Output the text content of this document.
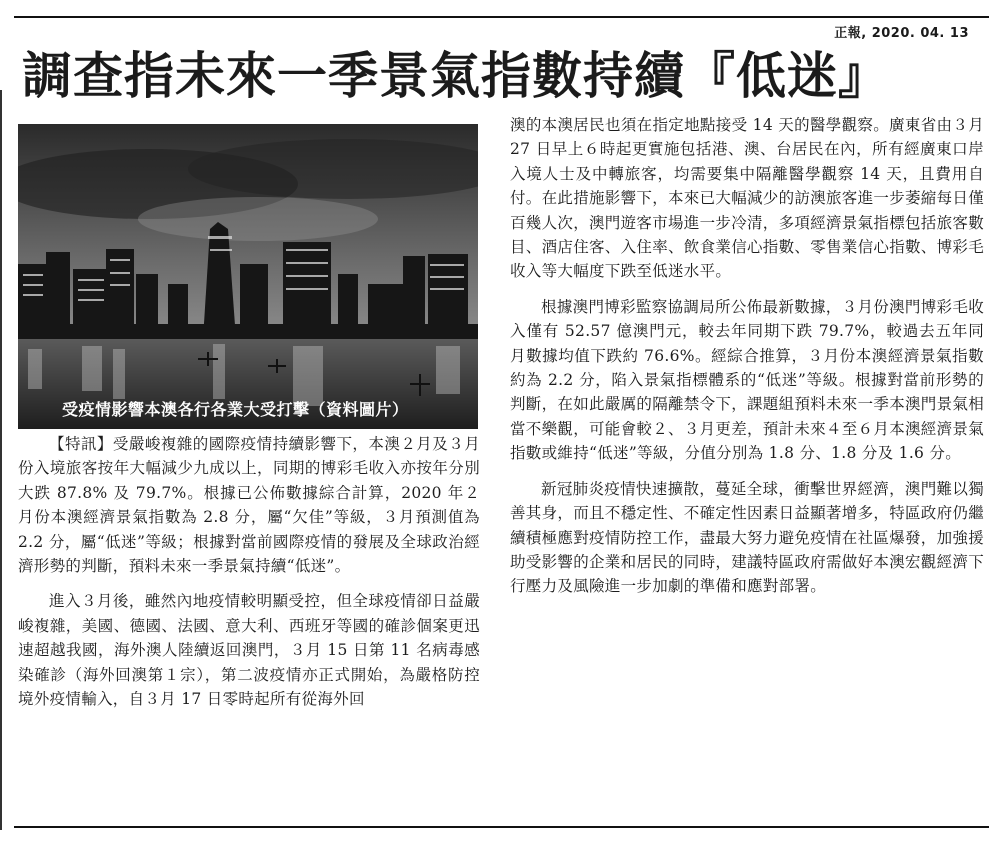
正報, 2020. 04. 13
調查指未來一季景氣指數持續『低迷』
受疫情影響本澳各行各業大受打擊（資料圖片）

【特訊】受嚴峻複雜的國際疫情持續影響下，本澳２月及３月份入境旅客按年大幅減少九成以上，同期的博彩毛收入亦按年分別大跌 87.8% 及 79.7%。根據已公佈數據綜合計算，2020 年２月份本澳經濟景氣指數為 2.8 分，屬“欠佳”等級，３月預測值為 2.2 分，屬“低迷”等級；根據對當前國際疫情的發展及全球政治經濟形勢的判斷，預料未來一季景氣持續“低迷”。

進入３月後，雖然內地疫情較明顯受控，但全球疫情卻日益嚴峻複雜，美國、德國、法國、意大利、西班牙等國的確診個案更迅速超越我國，海外澳人陸續返回澳門，３月 15 日第 11 名病毒感染確診（海外回澳第１宗），第二波疫情亦正式開始，為嚴格防控境外疫情輸入，自３月 17 日零時起所有從海外回

澳的本澳居民也須在指定地點接受 14 天的醫學觀察。廣東省由３月 27 日早上６時起更實施包括港、澳、台居民在內，所有經廣東口岸入境人士及中轉旅客，均需要集中隔離醫學觀察 14 天，且費用自付。在此措施影響下，本來已大幅減少的訪澳旅客進一步萎縮每日僅百幾人次，澳門遊客市場進一步冷清，多項經濟景氣指標包括旅客數目、酒店住客、入住率、飲食業信心指數、零售業信心指數、博彩毛收入等大幅度下跌至低迷水平。

根據澳門博彩監察協調局所公佈最新數據，３月份澳門博彩毛收入僅有 52.57 億澳門元，較去年同期下跌 79.7%，較過去五年同月數據均值下跌約 76.6%。經綜合推算，３月份本澳經濟景氣指數約為 2.2 分，陷入景氣指標體系的“低迷”等級。根據對當前形勢的判斷，在如此嚴厲的隔離禁令下，課題組預料未來一季本澳門景氣相當不樂觀，可能會較２、３月更差，預計未來４至６月本澳經濟景氣指數或維持“低迷”等級，分值分別為 1.8 分、1.8 分及 1.6 分。

新冠肺炎疫情快速擴散，蔓延全球，衝擊世界經濟，澳門難以獨善其身，而且不穩定性、不確定性因素日益顯著增多，特區政府仍繼續積極應對疫情防控工作，盡最大努力避免疫情在社區爆發，加強援助受影響的企業和居民的同時，建議特區政府需做好本澳宏觀經濟下行壓力及風險進一步加劇的準備和應對部署。
